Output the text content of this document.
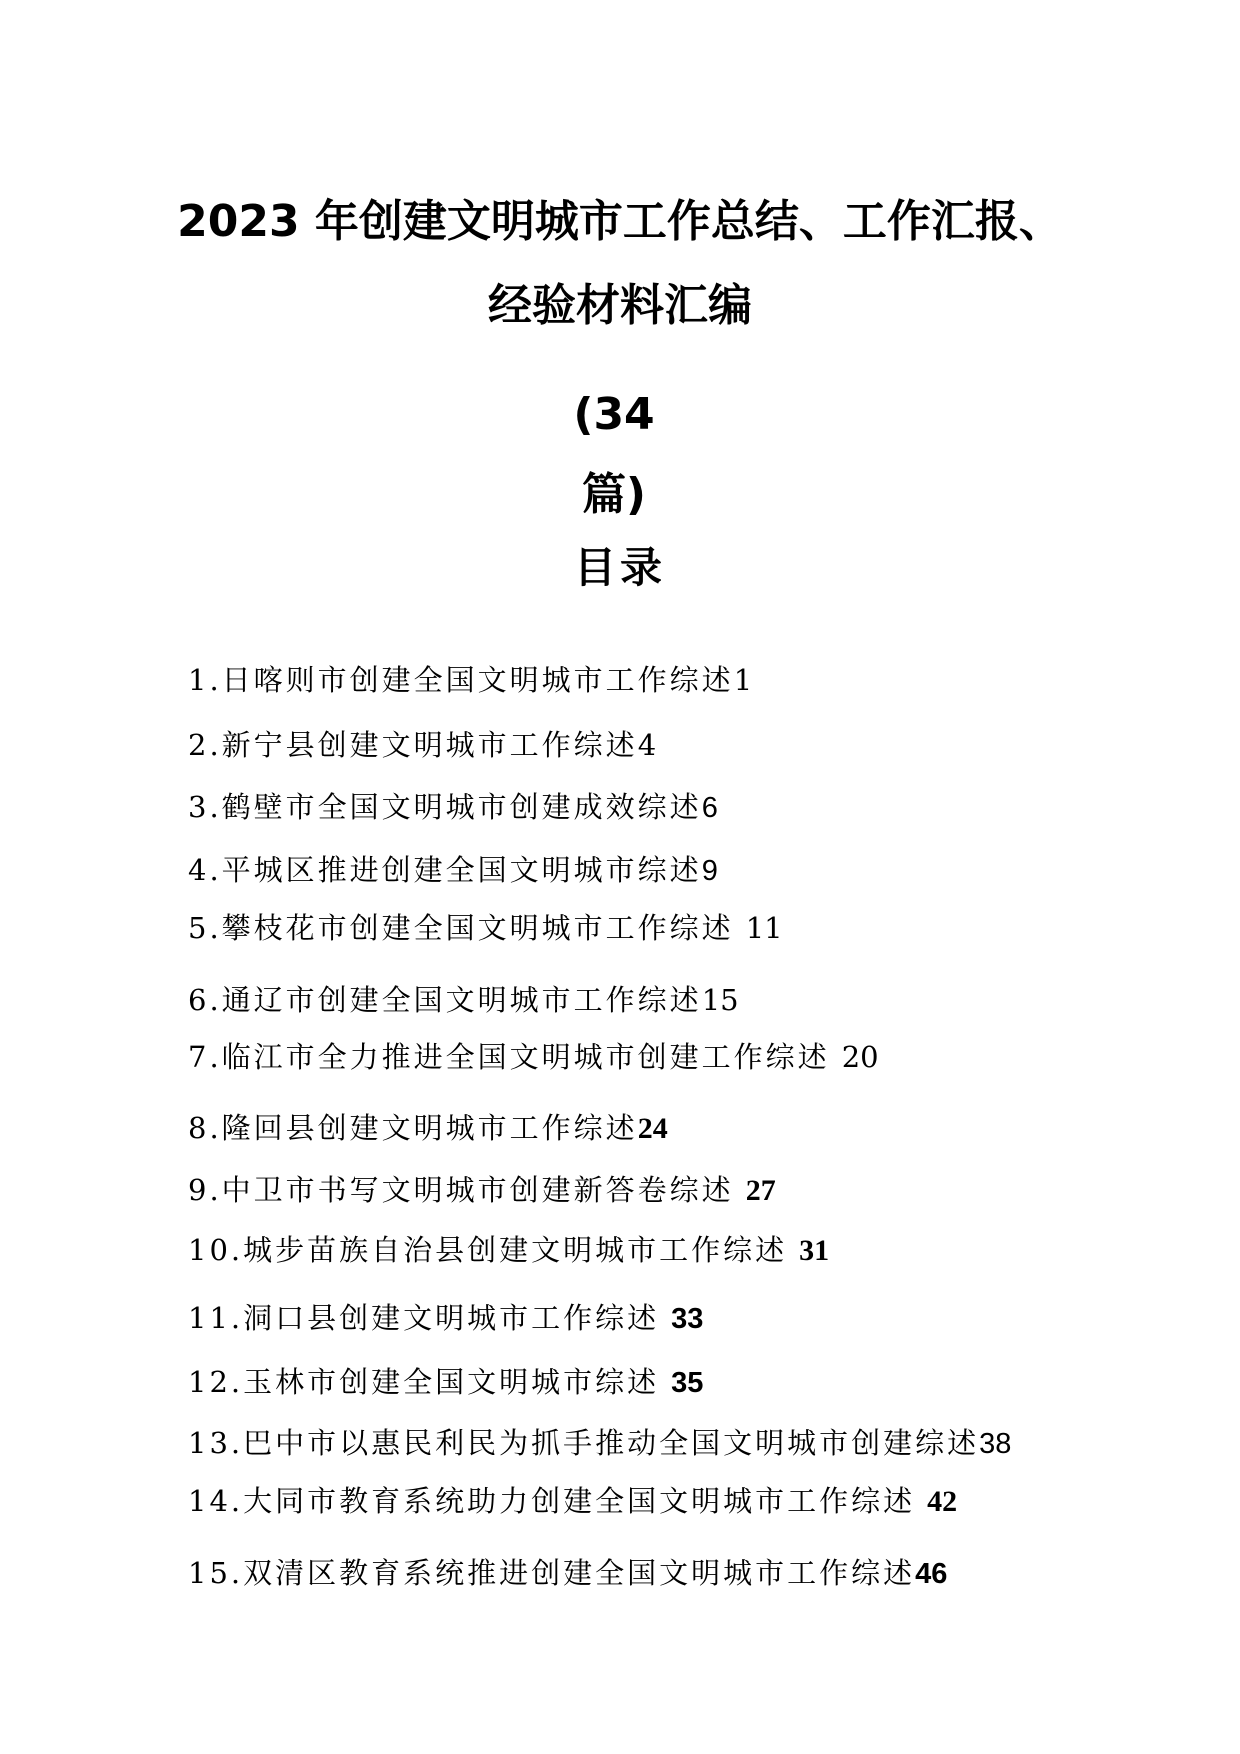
2023 年创建文明城市工作总结、工作汇报、
经验材料汇编
(34
篇)
目录
1.日喀则市创建全国文明城市工作综述1
2.新宁县创建文明城市工作综述4
3.鹤壁市全国文明城市创建成效综述6
4.平城区推进创建全国文明城市综述9
5.攀枝花市创建全国文明城市工作综述 11
6.通辽市创建全国文明城市工作综述15
7.临江市全力推进全国文明城市创建工作综述 20
8.隆回县创建文明城市工作综述24
9.中卫市书写文明城市创建新答卷综述 27
10.城步苗族自治县创建文明城市工作综述 31
11.洞口县创建文明城市工作综述 33
12.玉林市创建全国文明城市综述 35
13.巴中市以惠民利民为抓手推动全国文明城市创建综述38
14.大同市教育系统助力创建全国文明城市工作综述 42
15.双清区教育系统推进创建全国文明城市工作综述46
